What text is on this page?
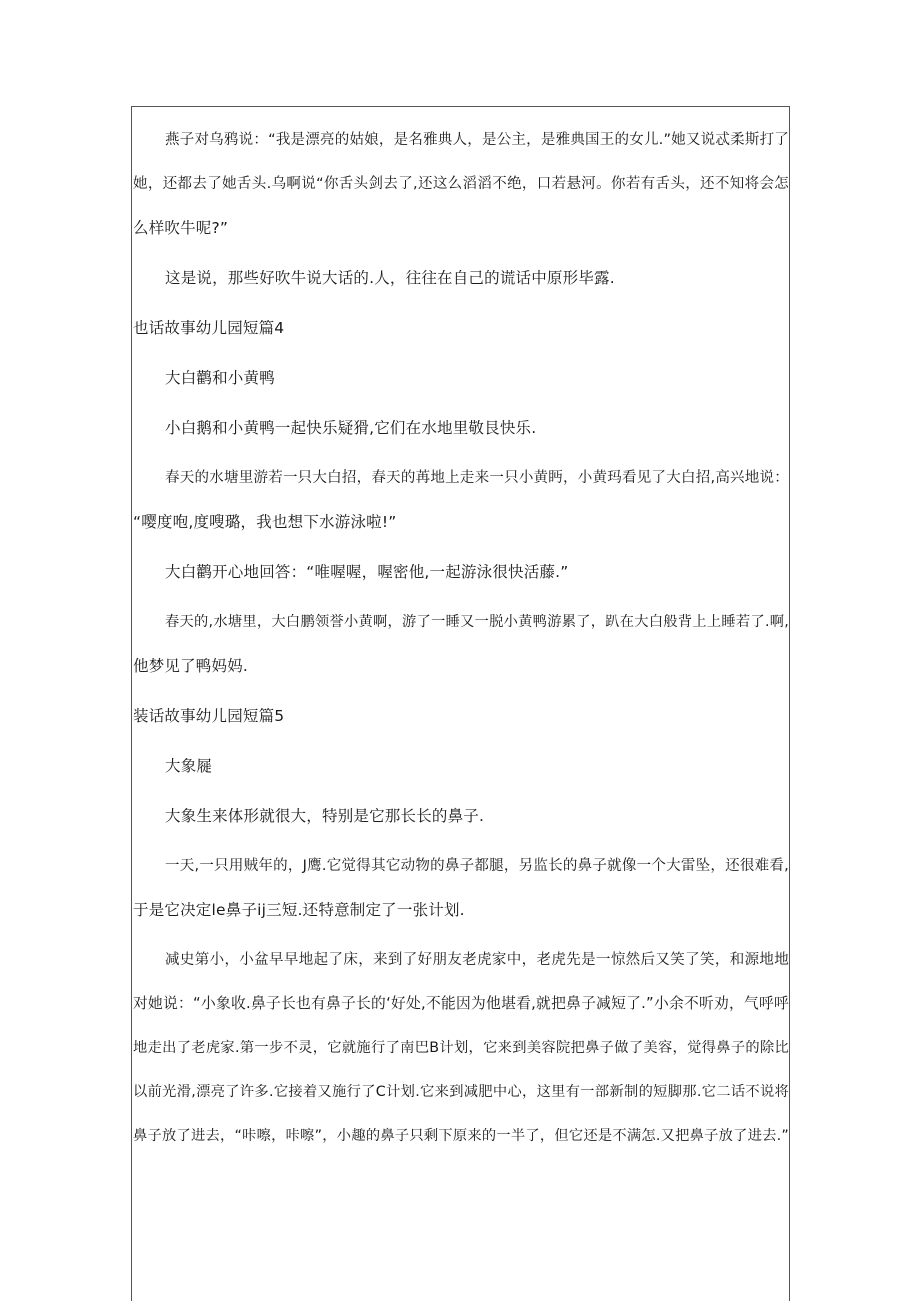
燕子对乌鸦说：“我是漂亮的姑娘，是名雅典人，是公主，是雅典国王的女儿.”她又说忒柔斯打了
她，还都去了她舌头.乌啊说“你舌头剑去了,还这么滔滔不绝，口若悬河。你若有舌头，还不知将会怎
么样吹牛呢?”
这是说，那些好吹牛说大话的.人，往往在自己的谎话中原形毕露.
也话故事幼儿园短篇4
大白鹳和小黄鸭
小白鹅和小黄鸭一起快乐疑猾,它们在水地里敬艮快乐.
春天的水塘里游若一只大白招，春天的苒地上走来一只小黄眄，小黄玛看见了大白招,高兴地说：
“嘤度咆,度嗖璐，我也想下水游泳啦!”
大白鹳开心地回答：“唯喔喔，喔密他,一起游泳很快活藤.”
春天的,水塘里，大白鹏领誉小黄啊，游了一睡又一脱小黄鸭游累了，趴在大白般背上上睡若了.啊,
他梦见了鸭妈妈.
装话故事幼儿园短篇5
大象屣
大象生来体形就很大，特别是它那长长的鼻子.
一天,一只用贼年的，J鹰.它觉得其它动物的鼻子都腿，另监长的鼻子就像一个大雷坠，还很难看,
于是它决定le鼻子ij三短.还特意制定了一张计划.
减史第小，小盆早早地起了床，来到了好朋友老虎家中，老虎先是一惊然后又笑了笑，和源地地
对她说：“小象收.鼻子长也有鼻子长的‘好处,不能因为他堪看,就把鼻子减短了.”小余不听劝，气呼呼
地走出了老虎家.第一步不灵，它就施行了南巴B计划，它来到美容院把鼻子做了美容，觉得鼻子的除比
以前光滑,漂亮了许多.它接着又施行了C计划.它来到减肥中心，这里有一部新制的短脚那.它二话不说将
鼻子放了进去，“咔嚓，咔嚓”，小趣的鼻子只剩下原来的一半了，但它还是不满怎.又把鼻子放了进去.”
